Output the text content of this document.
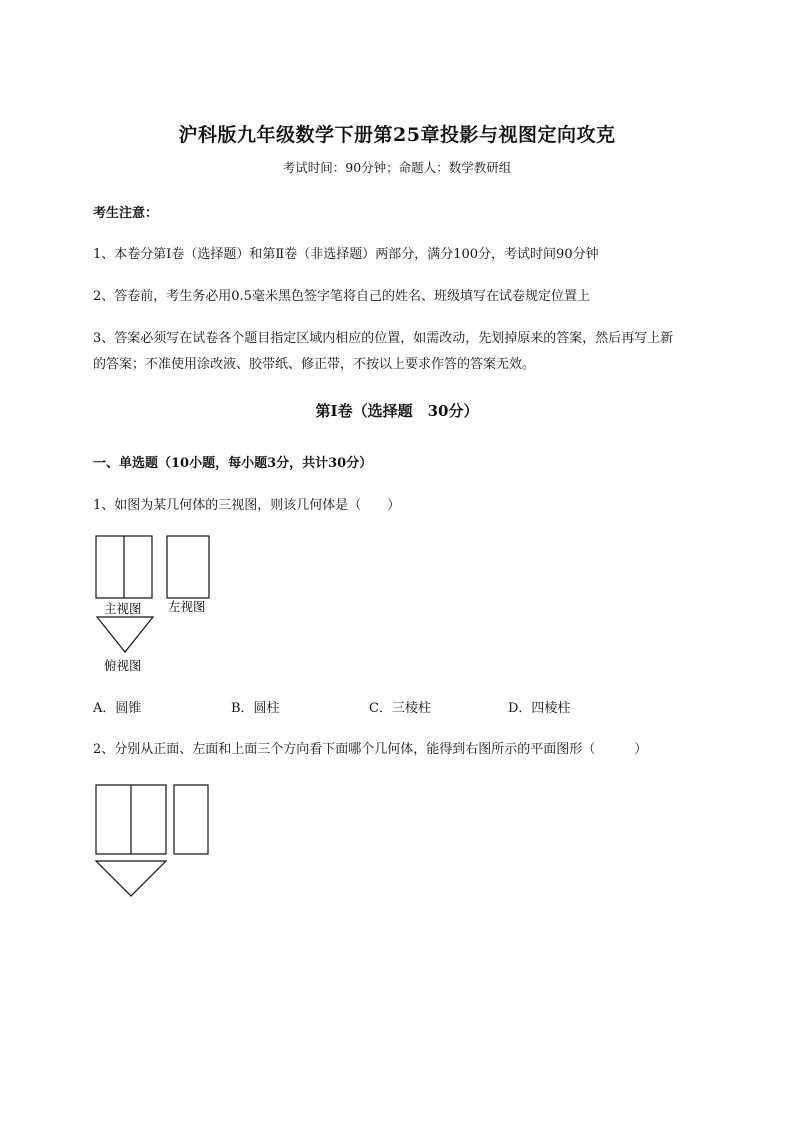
沪科版九年级数学下册第25章投影与视图定向攻克
考试时间：90分钟；命题人：数学教研组
考生注意：
1、本卷分第Ⅰ卷（选择题）和第Ⅱ卷（非选择题）两部分，满分100分，考试时间90分钟
2、答卷前，考生务必用0.5毫米黑色签字笔将自己的姓名、班级填写在试卷规定位置上
3、答案必须写在试卷各个题目指定区域内相应的位置，如需改动，先划掉原来的答案，然后再写上新
的答案；不准使用涂改液、胶带纸、修正带，不按以上要求作答的答案无效。
第Ⅰ卷（选择题　30分）
一、单选题（10小题，每小题3分，共计30分）
1、如图为某几何体的三视图，则该几何体是（　　）
主视图 左视图
俯视图
A．圆锥	B．圆柱	C．三棱柱	D．四棱柱
2、分别从正面、左面和上面三个方向看下面哪个几何体，能得到右图所示的平面图形（　　　）
